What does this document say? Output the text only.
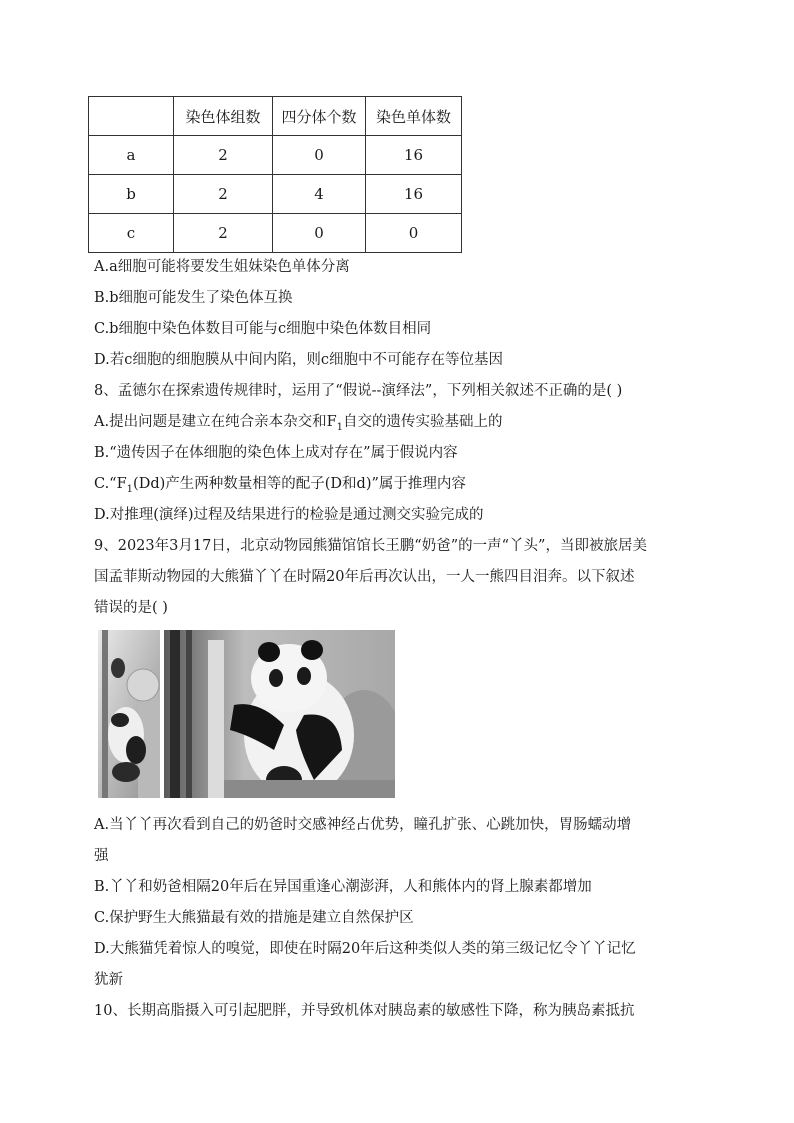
	染色体组数	四分体个数	染色单体数
a	2	0	16
b	2	4	16
c	2	0	0
A.a细胞可能将要发生姐妹染色单体分离
B.b细胞可能发生了染色体互换
C.b细胞中染色体数目可能与c细胞中染色体数目相同
D.若c细胞的细胞膜从中间内陷，则c细胞中不可能存在等位基因
8、孟德尔在探索遗传规律时，运用了“假说--演绎法”，下列相关叙述不正确的是( )
A.提出问题是建立在纯合亲本杂交和$F_1$自交的遗传实验基础上的
B.“遗传因子在体细胞的染色体上成对存在”属于假说内容
$C.“F_1(Dd)$产生两种数量相等的配子(D和d)”属于推理内容
D.对推理(演绎)过程及结果进行的检验是通过测交实验完成的
9、2023年3月17日，北京动物园熊猫馆馆长王鹏“奶爸”的一声“丫头”，当即被旅居美
国孟菲斯动物园的大熊猫丫丫在时隔20年后再次认出，一人一熊四目泪奔。以下叙述
错误的是( )
A.当丫丫再次看到自己的奶爸时交感神经占优势，瞳孔扩张、心跳加快，胃肠蠕动增
强
B.丫丫和奶爸相隔20年后在异国重逢心潮澎湃，人和熊体内的肾上腺素都增加
C.保护野生大熊猫最有效的措施是建立自然保护区
D.大熊猫凭着惊人的嗅觉，即使在时隔20年后这种类似人类的第三级记忆令丫丫记忆
犹新
10、长期高脂摄入可引起肥胖，并导致机体对胰岛素的敏感性下降，称为胰岛素抵抗
